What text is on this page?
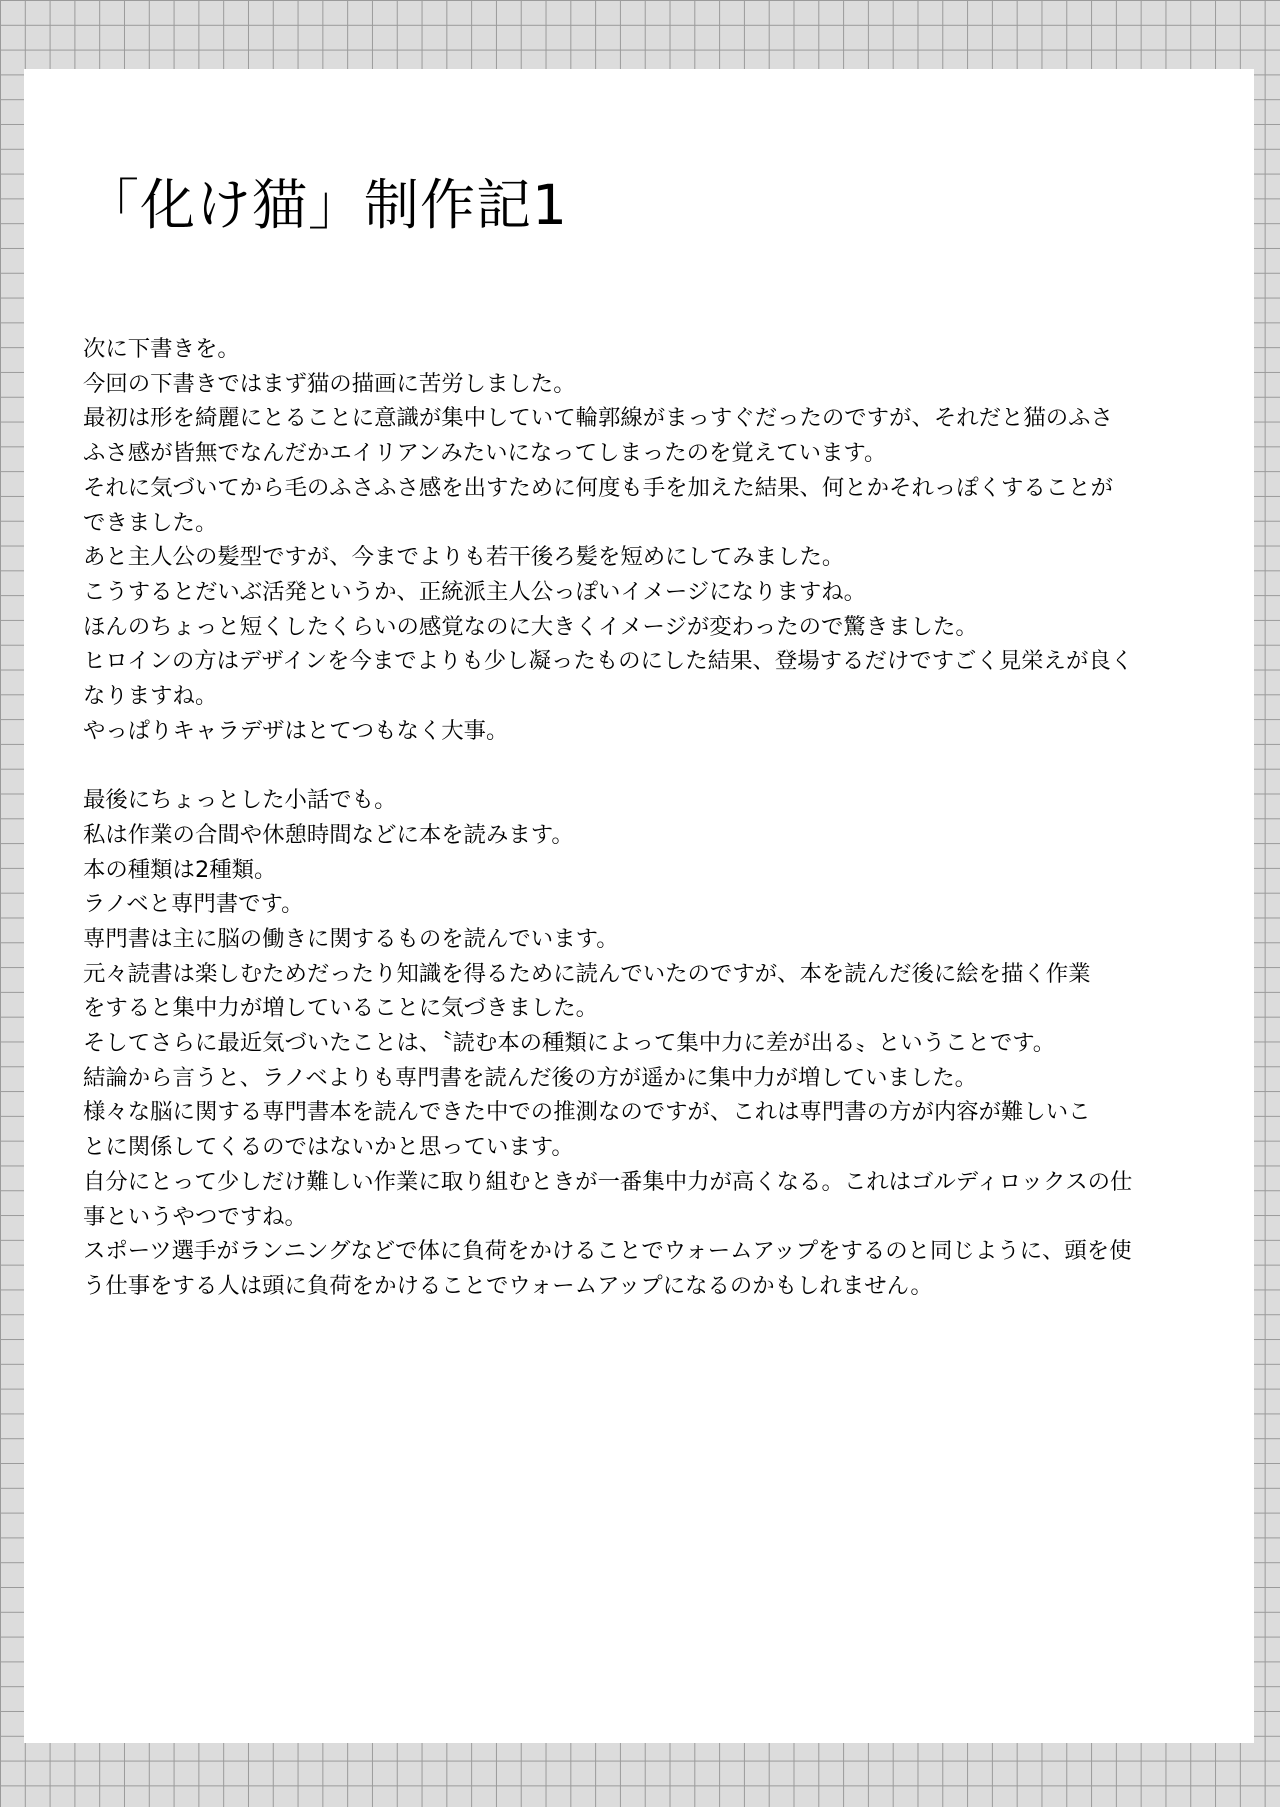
「化け猫」制作記1
次に下書きを。
今回の下書きではまず猫の描画に苦労しました。
最初は形を綺麗にとることに意識が集中していて輪郭線がまっすぐだったのですが、それだと猫のふさ
ふさ感が皆無でなんだかエイリアンみたいになってしまったのを覚えています。
それに気づいてから毛のふさふさ感を出すために何度も手を加えた結果、何とかそれっぽくすることが
できました。
あと主人公の髪型ですが、今までよりも若干後ろ髪を短めにしてみました。
こうするとだいぶ活発というか、正統派主人公っぽいイメージになりますね。
ほんのちょっと短くしたくらいの感覚なのに大きくイメージが変わったので驚きました。
ヒロインの方はデザインを今までよりも少し凝ったものにした結果、登場するだけですごく見栄えが良く
なりますね。
やっぱりキャラデザはとてつもなく大事。
最後にちょっとした小話でも。
私は作業の合間や休憩時間などに本を読みます。
本の種類は2種類。
ラノベと専門書です。
専門書は主に脳の働きに関するものを読んでいます。
元々読書は楽しむためだったり知識を得るために読んでいたのですが、本を読んだ後に絵を描く作業
をすると集中力が増していることに気づきました。
そしてさらに最近気づいたことは、〝読む本の種類によって集中力に差が出る〟ということです。
結論から言うと、ラノベよりも専門書を読んだ後の方が遥かに集中力が増していました。
様々な脳に関する専門書本を読んできた中での推測なのですが、これは専門書の方が内容が難しいこ
とに関係してくるのではないかと思っています。
自分にとって少しだけ難しい作業に取り組むときが一番集中力が高くなる。これはゴルディロックスの仕
事というやつですね。
スポーツ選手がランニングなどで体に負荷をかけることでウォームアップをするのと同じように、頭を使
う仕事をする人は頭に負荷をかけることでウォームアップになるのかもしれません。
